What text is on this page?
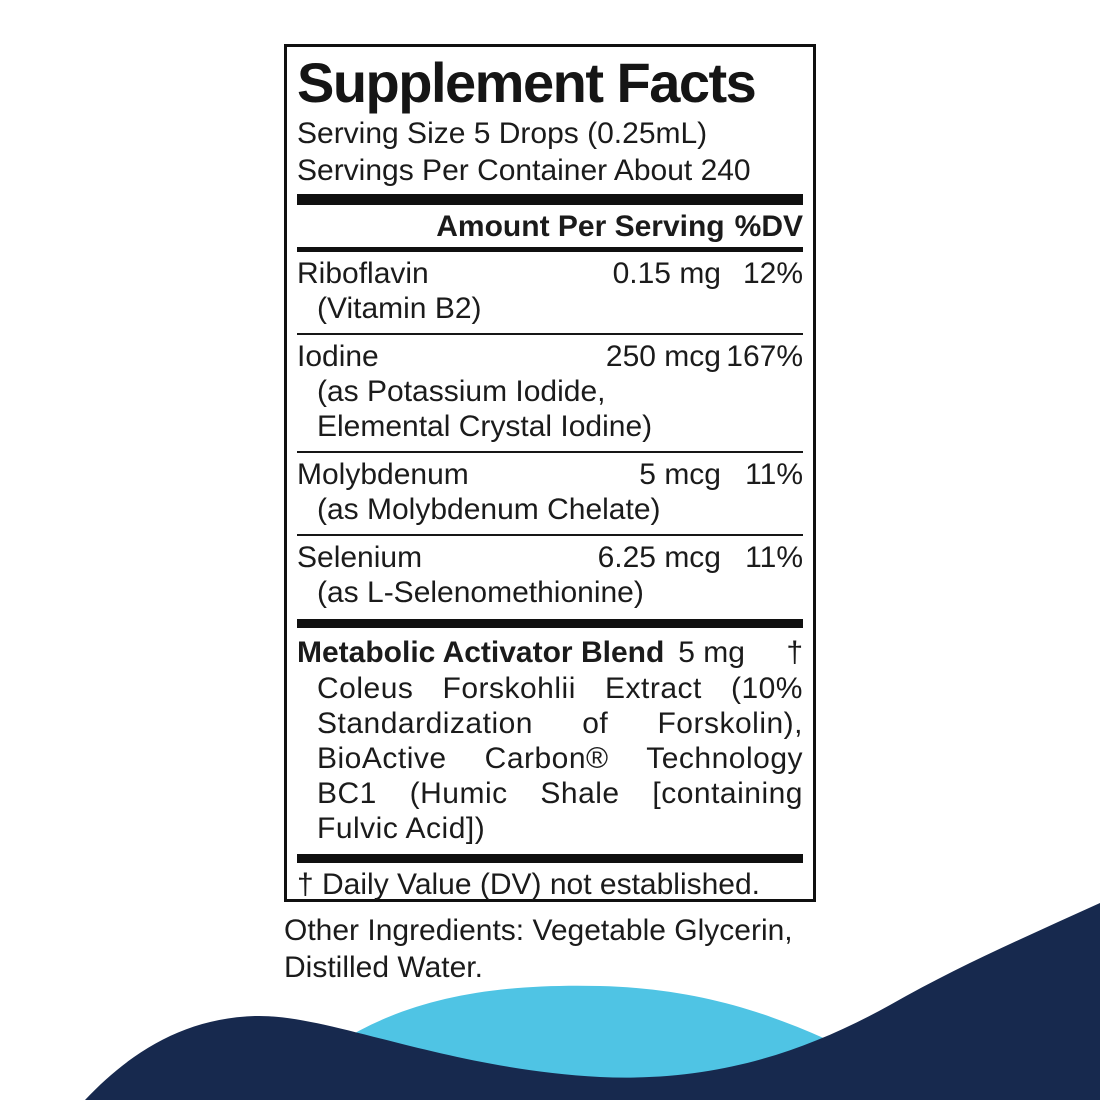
Supplement Facts
Serving Size 5 Drops (0.25mL)
Servings Per Container About 240
Amount Per Serving %DV
Riboflavin	0.15 mg 12%
(Vitamin B2)
Iodine	250 mcg 167%
(as Potassium Iodide,
Elemental Crystal Iodine)
Molybdenum	5 mcg 11%
(as Molybdenum Chelate)
Selenium	6.25 mcg 11%
(as L-Selenomethionine)
Metabolic Activator Blend 5 mg †
Coleus Forskohlii Extract (10%
Standardization of Forskolin),
BioActive Carbon® Technology
BC1 (Humic Shale [containing
Fulvic Acid])
† Daily Value (DV) not established.
Other Ingredients: Vegetable Glycerin,
Distilled Water.
